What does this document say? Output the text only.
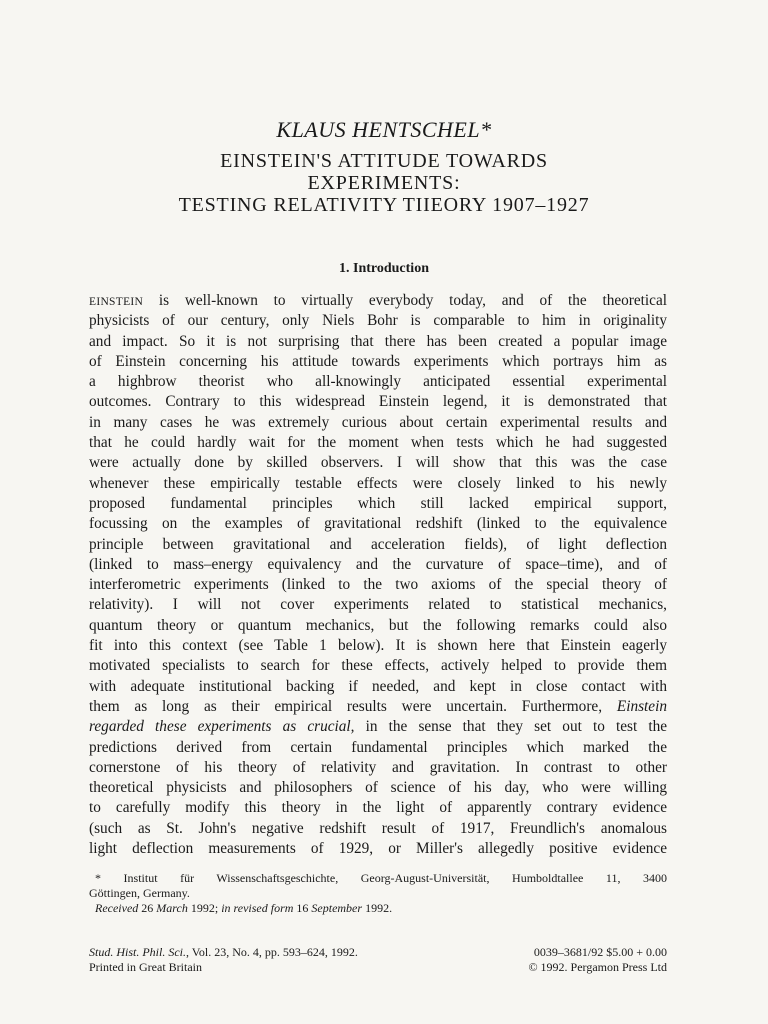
KLAUS HENTSCHEL*
EINSTEIN'S ATTITUDE TOWARDS
EXPERIMENTS:
TESTING RELATIVITY TIIEORY 1907–1927
1. Introduction
EINSTEIN is well-known to virtually everybody today, and of the theoretical
physicists of our century, only Niels Bohr is comparable to him in originality
and impact. So it is not surprising that there has been created a popular image
of Einstein concerning his attitude towards experiments which portrays him as
a highbrow theorist who all-knowingly anticipated essential experimental
outcomes. Contrary to this widespread Einstein legend, it is demonstrated that
in many cases he was extremely curious about certain experimental results and
that he could hardly wait for the moment when tests which he had suggested
were actually done by skilled observers. I will show that this was the case
whenever these empirically testable effects were closely linked to his newly
proposed fundamental principles which still lacked empirical support,
focussing on the examples of gravitational redshift (linked to the equivalence
principle between gravitational and acceleration fields), of light deflection
(linked to mass–energy equivalency and the curvature of space–time), and of
interferometric experiments (linked to the two axioms of the special theory of
relativity). I will not cover experiments related to statistical mechanics,
quantum theory or quantum mechanics, but the following remarks could also
fit into this context (see Table 1 below). It is shown here that Einstein eagerly
motivated specialists to search for these effects, actively helped to provide them
with adequate institutional backing if needed, and kept in close contact with
them as long as their empirical results were uncertain. Furthermore, Einstein
regarded these experiments as crucial, in the sense that they set out to test the
predictions derived from certain fundamental principles which marked the
cornerstone of his theory of relativity and gravitation. In contrast to other
theoretical physicists and philosophers of science of his day, who were willing
to carefully modify this theory in the light of apparently contrary evidence
(such as St. John's negative redshift result of 1917, Freundlich's anomalous
light deflection measurements of 1929, or Miller's allegedly positive evidence
* Institut für Wissenschaftsgeschichte, Georg-August-Universität, Humboldtallee 11, 3400
Göttingen, Germany.
Received 26 March 1992; in revised form 16 September 1992.
Stud. Hist. Phil. Sci., Vol. 23, No. 4, pp. 593–624, 1992.
Printed in Great Britain
0039–3681/92 $5.00 + 0.00
© 1992. Pergamon Press Ltd
